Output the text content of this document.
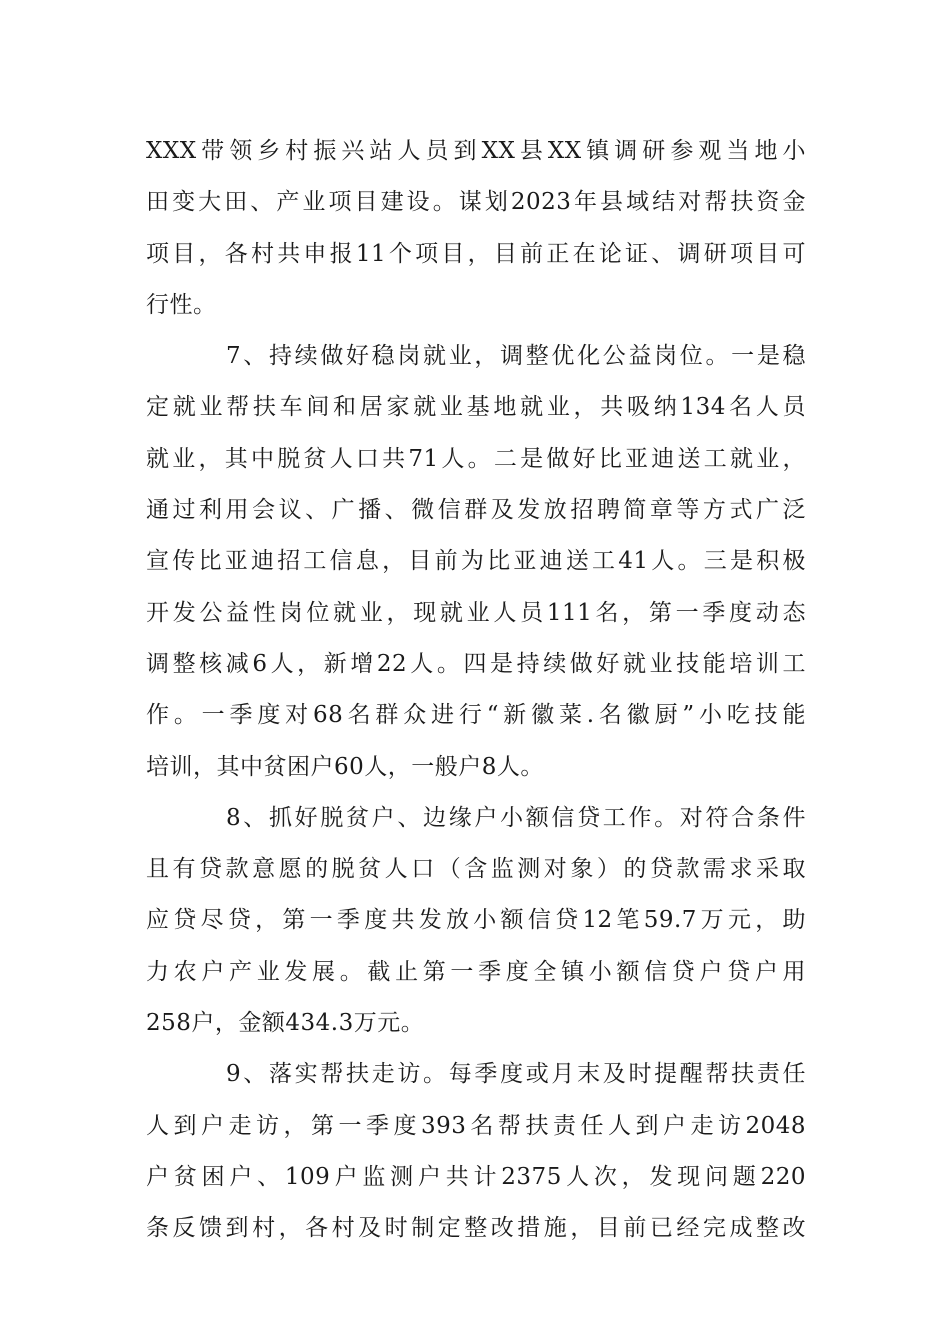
XXX带领乡村振兴站人员到XX县XX镇调研参观当地小
田变大田、产业项目建设。谋划2023年县域结对帮扶资金
项目，各村共申报11个项目，目前正在论证、调研项目可
行性。
7、持续做好稳岗就业，调整优化公益岗位。一是稳
定就业帮扶车间和居家就业基地就业，共吸纳134名人员
就业，其中脱贫人口共71人。二是做好比亚迪送工就业，
通过利用会议、广播、微信群及发放招聘简章等方式广泛
宣传比亚迪招工信息，目前为比亚迪送工41人。三是积极
开发公益性岗位就业，现就业人员111名，第一季度动态
调整核减6人，新增22人。四是持续做好就业技能培训工
作。一季度对68名群众进行“新徽菜.名徽厨”小吃技能
培训，其中贫困户60人，一般户8人。
8、抓好脱贫户、边缘户小额信贷工作。对符合条件
且有贷款意愿的脱贫人口（含监测对象）的贷款需求采取
应贷尽贷，第一季度共发放小额信贷12笔59.7万元，助
力农户产业发展。截止第一季度全镇小额信贷户贷户用
258户，金额434.3万元。
9、落实帮扶走访。每季度或月末及时提醒帮扶责任
人到户走访，第一季度393名帮扶责任人到户走访2048
户贫困户、109户监测户共计2375人次，发现问题220
条反馈到村，各村及时制定整改措施，目前已经完成整改
